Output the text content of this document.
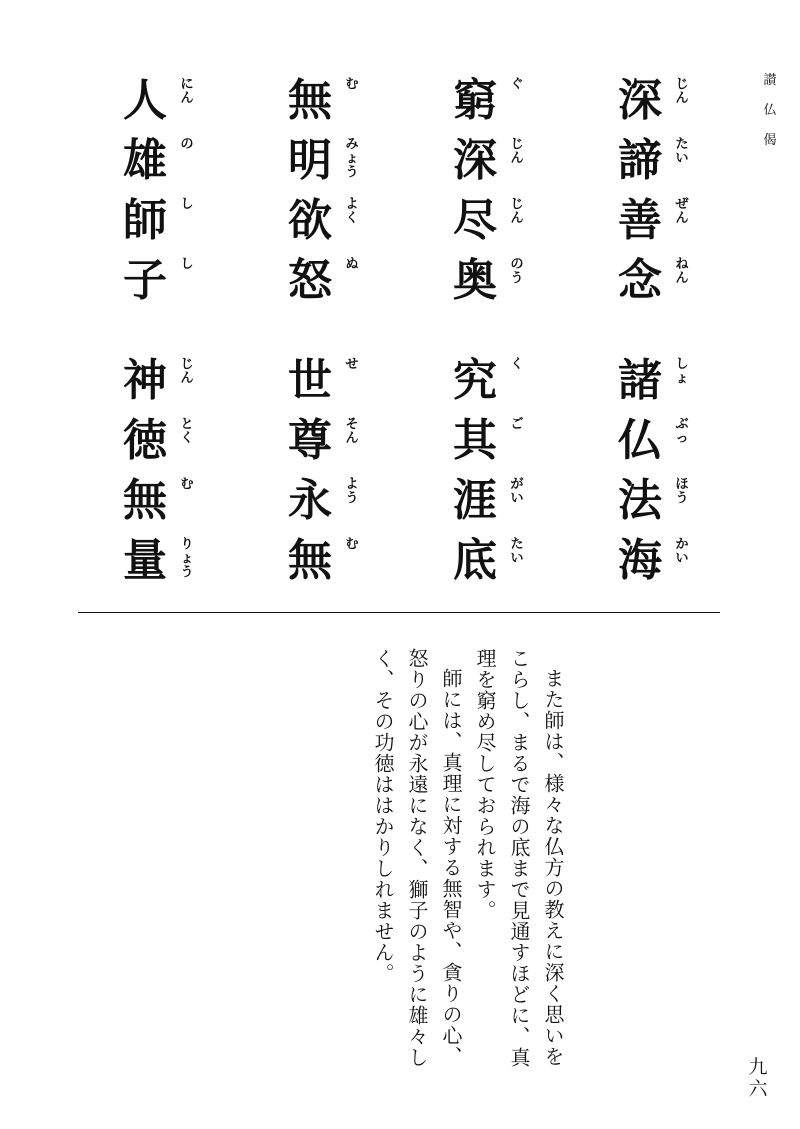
讃
仏
偈
深 じ
ん
諦 た
い
善 ぜ
ん
念 ね
ん
窮 ぐ
深 じ
ん
尽 じ
ん
奥 の
う
無 む
明 み
ょ
う
欲 よ
く
怒 ぬ
人 に
ん
雄 の
師 し
子 し
諸 し
ょ
仏 ぶ
っ
法 ほ
う
海 か
い
究 く
其 ご
涯 が
い
底 た
い
世 せ
尊 そ
ん
永 よ
う
無 む
神 じ
ん
徳 と
く
無 む
量 り
ょ
う

また師は、様々な仏方の教えに深く思いをこらし、まるで海の底まで見通すほどに、真理を窮め尽しておられます。

師には、真理に対する無智や、貪りの心、怒りの心が永遠になく、獅子のように雄々しく、その功徳ははかりしれません。

九
六
